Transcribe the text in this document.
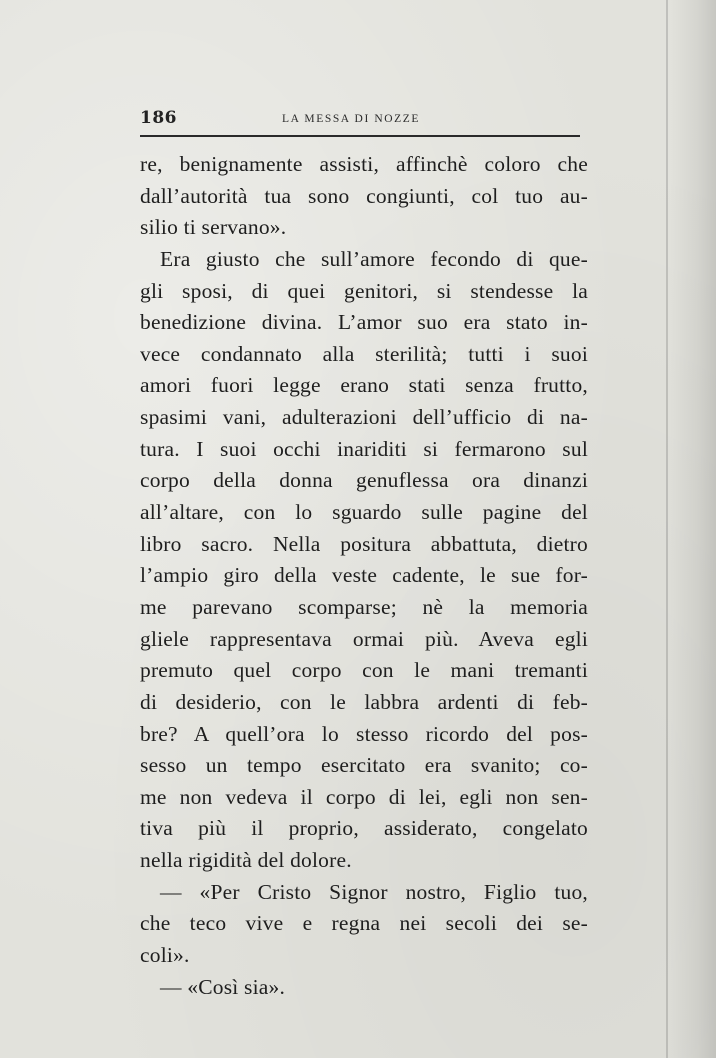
186	LA MESSA DI NOZZE
re, benignamente assisti, affinchè coloro che
dall’autorità tua sono congiunti, col tuo au-
silio ti servano».
Era giusto che sull’amore fecondo di que-
gli sposi, di quei genitori, si stendesse la
benedizione divina. L’amor suo era stato in-
vece condannato alla sterilità; tutti i suoi
amori fuori legge erano stati senza frutto,
spasimi vani, adulterazioni dell’ufficio di na-
tura. I suoi occhi inariditi si fermarono sul
corpo della donna genuflessa ora dinanzi
all’altare, con lo sguardo sulle pagine del
libro sacro. Nella positura abbattuta, dietro
l’ampio giro della veste cadente, le sue for-
me parevano scomparse; nè la memoria
gliele rappresentava ormai più. Aveva egli
premuto quel corpo con le mani tremanti
di desiderio, con le labbra ardenti di feb-
bre? A quell’ora lo stesso ricordo del pos-
sesso un tempo esercitato era svanito; co-
me non vedeva il corpo di lei, egli non sen-
tiva più il proprio, assiderato, congelato
nella rigidità del dolore.
— «Per Cristo Signor nostro, Figlio tuo,
che teco vive e regna nei secoli dei se-
coli».
— «Così sia».
